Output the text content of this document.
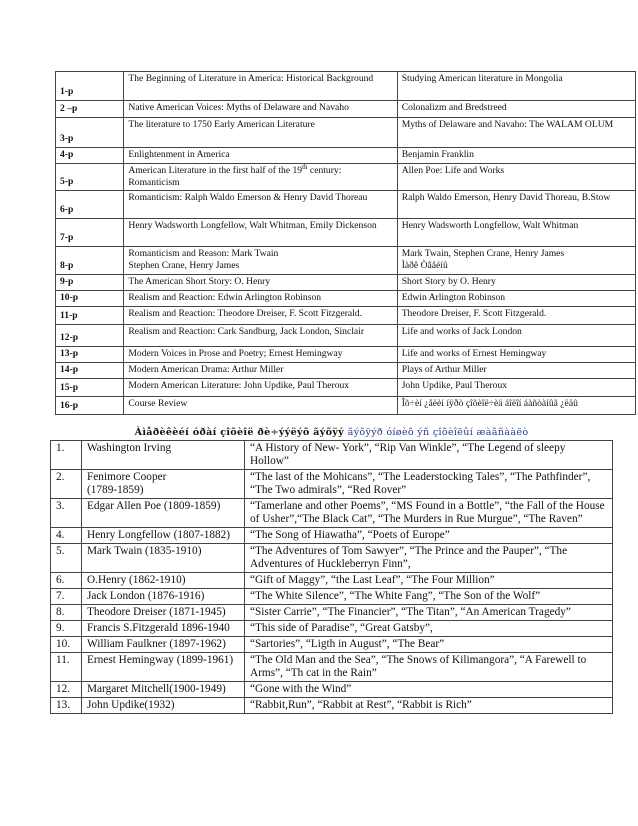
1-p	The Beginning of Literature in America: Historical Background	Studying American literature in Mongolia
2 –p	Native American Voices: Myths of Delaware and Navaho	Colonalizm and Bredstreed
3-p	The literature to 1750 Early American Literature	Myths of Delaware and Navaho: The WALAM OLUM
4-p	Enlightenment in America	Benjamin Franklin
5-p	American Literature in the first half of the 19th century: Romanticism	Allen Poe: Life and Works
6-p	Romanticism: Ralph Waldo Emerson & Henry David Thoreau	Ralph Waldo Emerson, Henry David Thoreau, B.Stow
7-p	Henry Wadsworth Longfellow, Walt Whitman, Emily Dickenson	Henry Wadsworth Longfellow, Walt Whitman
8-p	Romanticism and Reason: Mark Twain
Stephen Crane, Henry James	Mark Twain, Stephen Crane, Henry James
Ìàðê Òâåéíû
9-p	The American Short Story: O. Henry	Short Story by O. Henry
10-p	Realism and Reaction: Edwin Arlington Robinson	Edwin Arlington Robinson
11-p	Realism and Reaction: Theodore Dreiser, F. Scott Fitzgerald.	Theodore Dreiser, F. Scott Fitzgerald.
12-p	Realism and Reaction: Cark Sandburg, Jack London, Sinclair	Life and works of Jack London
13-p	Modern Voices in Prose and Poetry; Ernest Hemingway	Life and works of Ernest Hemingway
14-p	Modern American Drama: Arthur Miller	Plays of Arthur Miller
15-p	Modern American Literature: John Updike, Paul Theroux	John Updike, Paul Theroux
16-p	Course Review	Îõ÷èí ¿åëèí íÿðò çîõèîë÷èä áîëîí áàñòàíûã ¿ëäû
Àìåðèêèéí óðàí çîõèîë ðè÷ýýëýõ ãýõÿý ãýõÿýð óíøèõ ýñ çîõèîëûí æàãñààëò		
1.	Washington Irving	“A History of New- York”, “Rip Van Winkle”, “The Legend of sleepy Hollow”
2.	Fenimore Cooper
(1789-1859)	“The last of the Mohicans”, “The Leaderstocking Tales”, “The Pathfinder”, “The Two admirals”, “Red Rover”
3.	Edgar Allen Poe (1809-1859)	“Tamerlane and other Poems”, “MS Found in a Bottle”, “the Fall of the House of Usher”,“The Black Cat”, “The Murders in Rue Murgue”, “The Raven”
4.	Henry Longfellow (1807-1882)	“The Song of Hiawatha”, “Poets of Europe”
5.	Mark Twain (1835-1910)	“The Adventures of Tom Sawyer”, “The Prince and the Pauper”, “The Adventures of Huckleberryn Finn”,
6.	O.Henry (1862-1910)	“Gift of Maggy”, “the Last Leaf”, “The Four Million”
7.	Jack London (1876-1916)	“The White Silence”, “The White Fang”, “The Son of the Wolf”
8.	Theodore Dreiser (1871-1945)	“Sister Carrie”, “The Financier”, “The Titan”, “An American Tragedy”
9.	Francis S.Fitzgerald 1896-1940	“This side of Paradise”, “Great Gatsby”,
10.	William Faulkner (1897-1962)	“Sartories”, “Ligth in August”, “The Bear”
11.	Ernest Hemingway (1899-1961)	“The Old Man and the Sea”, “The Snows of Kilimangora”, “A Farewell to Arms”, “Th cat in the Rain”
12.	Margaret Mitchell(1900-1949)	“Gone with the Wind”
13.	John Updike(1932)	“Rabbit,Run”, “Rabbit at Rest”, “Rabbit is Rich”
